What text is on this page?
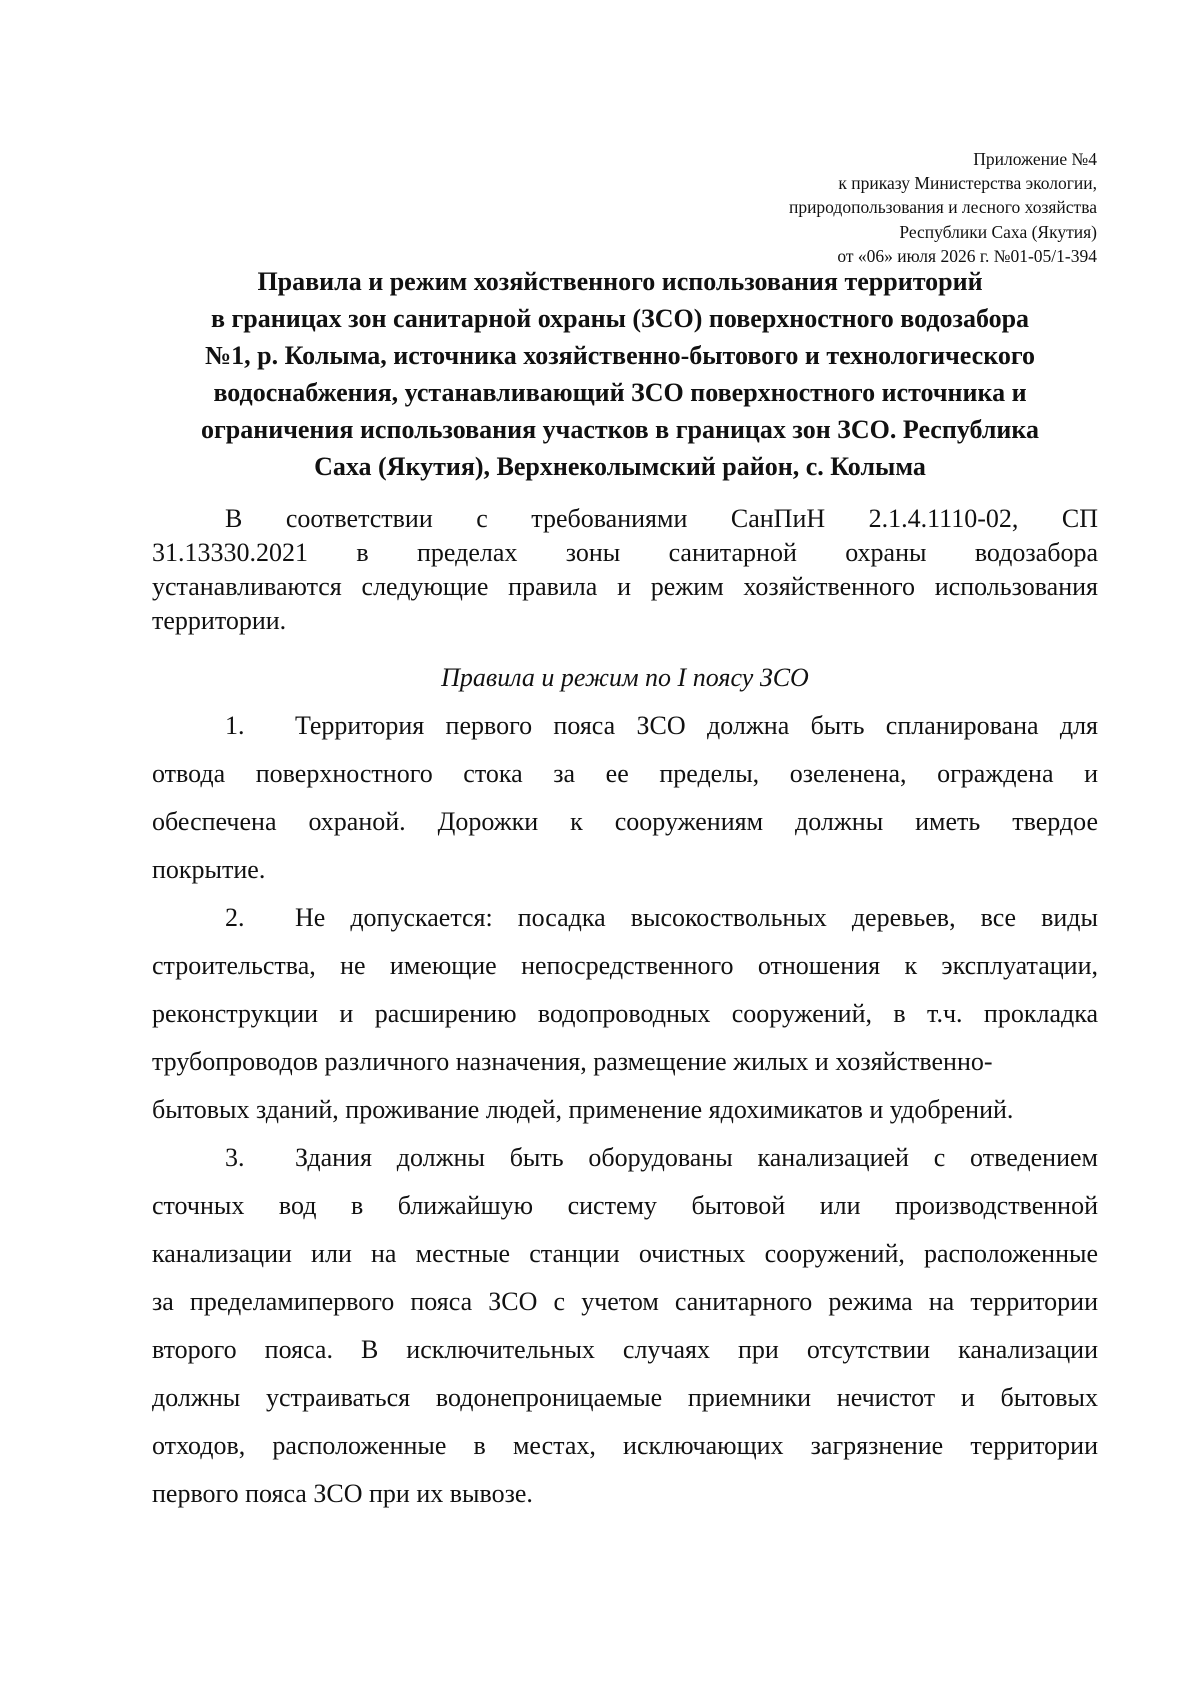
Приложение №4
к приказу Министерства экологии,
природопользования и лесного хозяйства
Республики Саха (Якутия)
от «06» июля 2026 г. №01-05/1-394
Правила и режим хозяйственного использования территорий
в границах зон санитарной охраны (ЗСО) поверхностного водозабора
№1, р. Колыма, источника хозяйственно-бытового и технологического
водоснабжения, устанавливающий ЗСО поверхностного источника и
ограничения использования участков в границах зон ЗСО. Республика
Саха (Якутия), Верхнеколымский район, с. Колыма
В соответствии с требованиями СанПиН 2.1.4.1110-02, СП
31.13330.2021 в пределах зоны санитарной охраны водозабора
устанавливаются следующие правила и режим хозяйственного использования
территории.
Правила и режим по I поясу ЗСО
1.	Территория первого пояса ЗСО должна быть спланирована для
отвода поверхностного стока за ее пределы, озеленена, ограждена и
обеспечена охраной. Дорожки к сооружениям должны иметь твердое
покрытие.
2.	Не допускается: посадка высокоствольных деревьев, все виды
строительства, не имеющие непосредственного отношения к эксплуатации,
реконструкции и расширению водопроводных сооружений, в т.ч. прокладка
трубопроводов различного назначения, размещение жилых и хозяйственно-
бытовых зданий, проживание людей, применение ядохимикатов и удобрений.
3.	Здания должны быть оборудованы канализацией с отведением
сточных вод в ближайшую систему бытовой или производственной
канализации или на местные станции очистных сооружений, расположенные
за пределамипервого пояса ЗСО с учетом санитарного режима на территории
второго пояса. В исключительных случаях при отсутствии канализации
должны устраиваться водонепроницаемые приемники нечистот и бытовых
отходов, расположенные в местах, исключающих загрязнение территории
первого пояса ЗСО при их вывозе.
